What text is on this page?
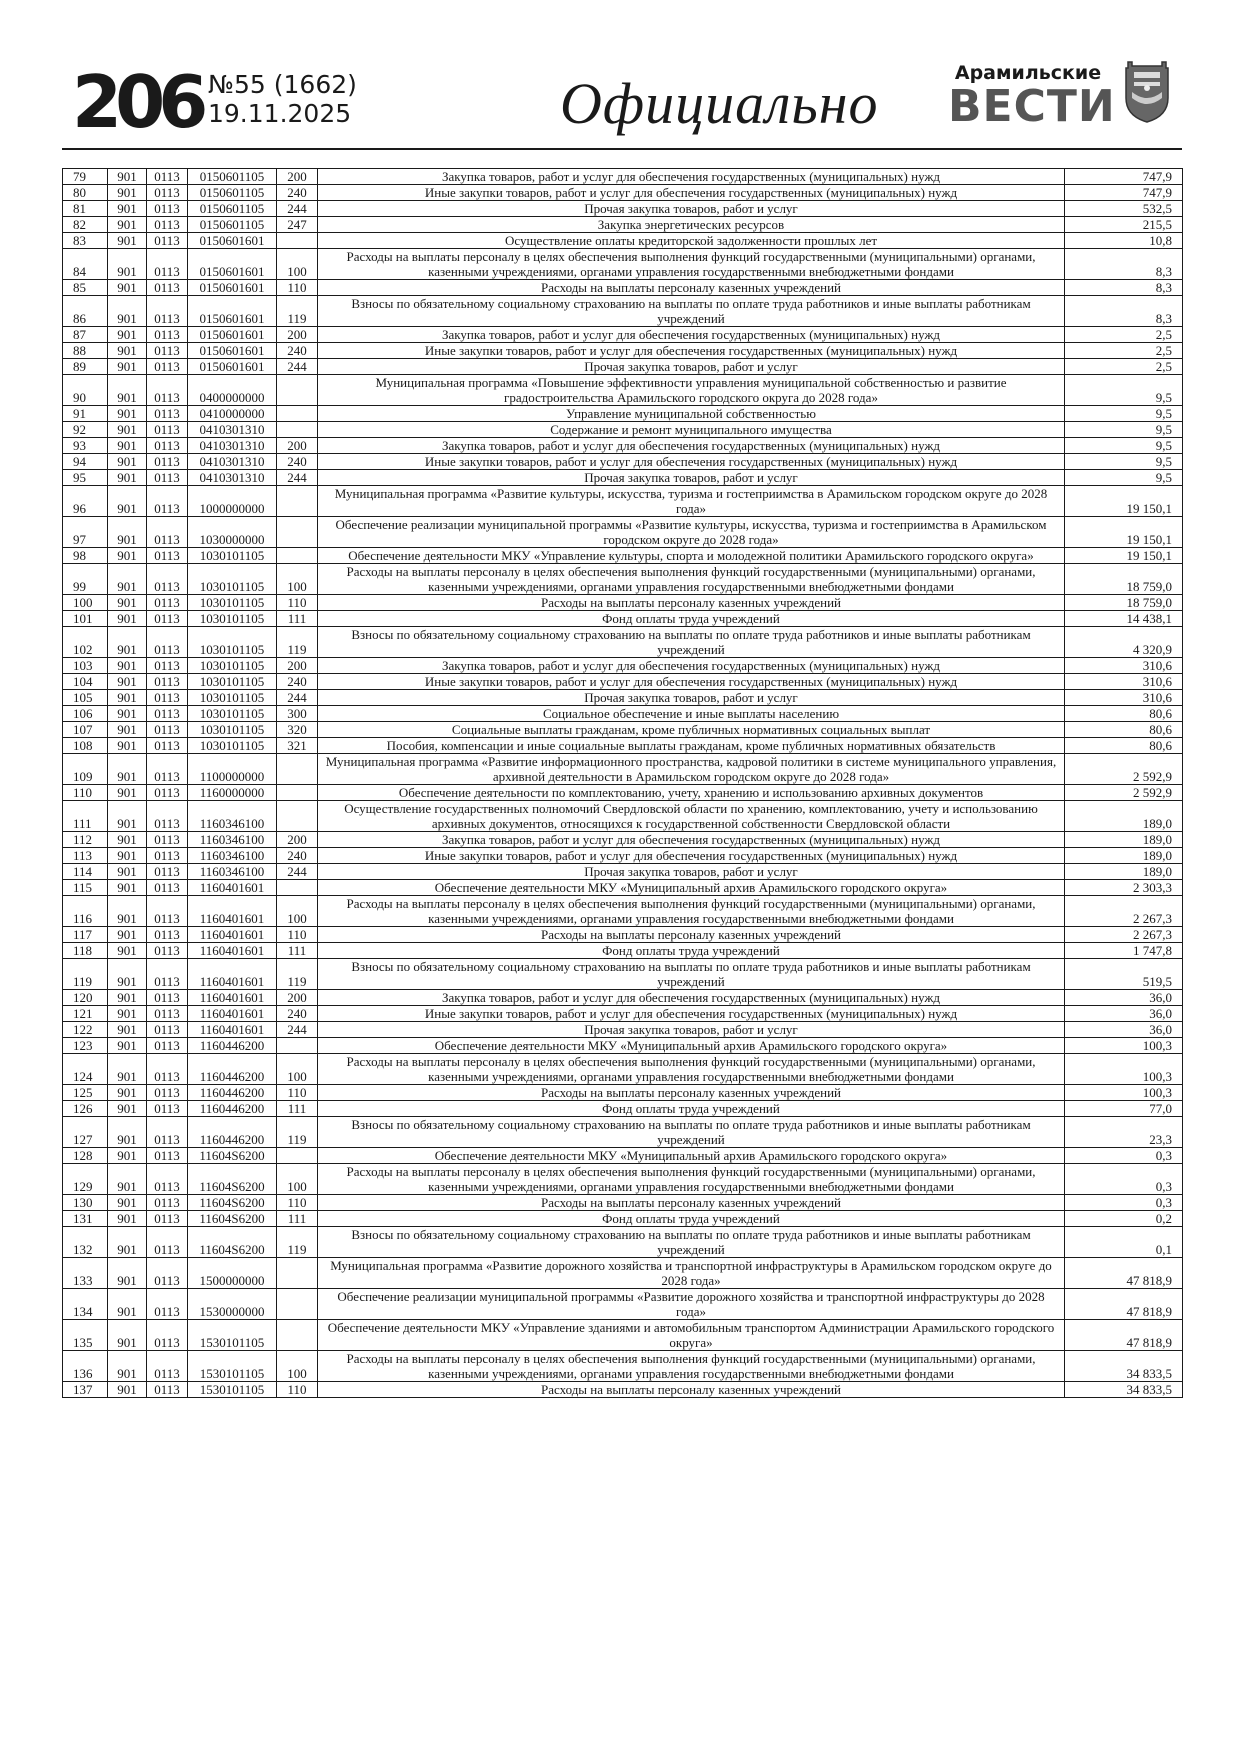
206 №55 (1662)
19.11.2025	Официально	Арамильские
ВЕСТИ
79	901	0113	0150601105	200	Закупка товаров, работ и услуг для обеспечения государственных (муниципальных) нужд	747,9
80	901	0113	0150601105	240	Иные закупки товаров, работ и услуг для обеспечения государственных (муниципальных) нужд	747,9
81	901	0113	0150601105	244	Прочая закупка товаров, работ и услуг	532,5
82	901	0113	0150601105	247	Закупка энергетических ресурсов	215,5
83	901	0113	0150601601		Осуществление оплаты кредиторской задолженности прошлых лет	10,8
84	901	0113	0150601601	100	Расходы на выплаты персоналу в целях обеспечения выполнения функций государственными (муниципальными) органами, казенными учреждениями, органами управления государственными внебюджетными фондами	8,3
85	901	0113	0150601601	110	Расходы на выплаты персоналу казенных учреждений	8,3
86	901	0113	0150601601	119	Взносы по обязательному социальному страхованию на выплаты по оплате труда работников и иные выплаты работникам учреждений	8,3
87	901	0113	0150601601	200	Закупка товаров, работ и услуг для обеспечения государственных (муниципальных) нужд	2,5
88	901	0113	0150601601	240	Иные закупки товаров, работ и услуг для обеспечения государственных (муниципальных) нужд	2,5
89	901	0113	0150601601	244	Прочая закупка товаров, работ и услуг	2,5
90	901	0113	0400000000		Муниципальная программа «Повышение эффективности управления муниципальной собственностью и развитие градостроительства Арамильского городского округа до 2028 года»	9,5
91	901	0113	0410000000		Управление муниципальной собственностью	9,5
92	901	0113	0410301310		Содержание и ремонт муниципального имущества	9,5
93	901	0113	0410301310	200	Закупка товаров, работ и услуг для обеспечения государственных (муниципальных) нужд	9,5
94	901	0113	0410301310	240	Иные закупки товаров, работ и услуг для обеспечения государственных (муниципальных) нужд	9,5
95	901	0113	0410301310	244	Прочая закупка товаров, работ и услуг	9,5
96	901	0113	1000000000		Муниципальная программа «Развитие культуры, искусства, туризма и гостеприимства в Арамильском городском округе до 2028 года»	19 150,1
97	901	0113	1030000000		Обеспечение реализации муниципальной программы «Развитие культуры, искусства, туризма и гостеприимства в Арамильском городском округе до 2028 года»	19 150,1
98	901	0113	1030101105		Обеспечение деятельности МКУ «Управление культуры, спорта и молодежной политики Арамильского городского округа»	19 150,1
99	901	0113	1030101105	100	Расходы на выплаты персоналу в целях обеспечения выполнения функций государственными (муниципальными) органами, казенными учреждениями, органами управления государственными внебюджетными фондами	18 759,0
100	901	0113	1030101105	110	Расходы на выплаты персоналу казенных учреждений	18 759,0
101	901	0113	1030101105	111	Фонд оплаты труда учреждений	14 438,1
102	901	0113	1030101105	119	Взносы по обязательному социальному страхованию на выплаты по оплате труда работников и иные выплаты работникам учреждений	4 320,9
103	901	0113	1030101105	200	Закупка товаров, работ и услуг для обеспечения государственных (муниципальных) нужд	310,6
104	901	0113	1030101105	240	Иные закупки товаров, работ и услуг для обеспечения государственных (муниципальных) нужд	310,6
105	901	0113	1030101105	244	Прочая закупка товаров, работ и услуг	310,6
106	901	0113	1030101105	300	Социальное обеспечение и иные выплаты населению	80,6
107	901	0113	1030101105	320	Социальные выплаты гражданам, кроме публичных нормативных социальных выплат	80,6
108	901	0113	1030101105	321	Пособия, компенсации и иные социальные выплаты гражданам, кроме публичных нормативных обязательств	80,6
109	901	0113	1100000000		Муниципальная программа «Развитие информационного пространства, кадровой политики в системе муниципального управления, архивной деятельности в Арамильском городском округе до 2028 года»	2 592,9
110	901	0113	1160000000		Обеспечение деятельности по комплектованию, учету, хранению и использованию архивных документов	2 592,9
111	901	0113	1160346100		Осуществление государственных полномочий Свердловской области по хранению, комплектованию, учету и использованию архивных документов, относящихся к государственной собственности Свердловской области	189,0
112	901	0113	1160346100	200	Закупка товаров, работ и услуг для обеспечения государственных (муниципальных) нужд	189,0
113	901	0113	1160346100	240	Иные закупки товаров, работ и услуг для обеспечения государственных (муниципальных) нужд	189,0
114	901	0113	1160346100	244	Прочая закупка товаров, работ и услуг	189,0
115	901	0113	1160401601		Обеспечение деятельности МКУ «Муниципальный архив Арамильского городского округа»	2 303,3
116	901	0113	1160401601	100	Расходы на выплаты персоналу в целях обеспечения выполнения функций государственными (муниципальными) органами, казенными учреждениями, органами управления государственными внебюджетными фондами	2 267,3
117	901	0113	1160401601	110	Расходы на выплаты персоналу казенных учреждений	2 267,3
118	901	0113	1160401601	111	Фонд оплаты труда учреждений	1 747,8
119	901	0113	1160401601	119	Взносы по обязательному социальному страхованию на выплаты по оплате труда работников и иные выплаты работникам учреждений	519,5
120	901	0113	1160401601	200	Закупка товаров, работ и услуг для обеспечения государственных (муниципальных) нужд	36,0
121	901	0113	1160401601	240	Иные закупки товаров, работ и услуг для обеспечения государственных (муниципальных) нужд	36,0
122	901	0113	1160401601	244	Прочая закупка товаров, работ и услуг	36,0
123	901	0113	1160446200		Обеспечение деятельности МКУ «Муниципальный архив Арамильского городского округа»	100,3
124	901	0113	1160446200	100	Расходы на выплаты персоналу в целях обеспечения выполнения функций государственными (муниципальными) органами, казенными учреждениями, органами управления государственными внебюджетными фондами	100,3
125	901	0113	1160446200	110	Расходы на выплаты персоналу казенных учреждений	100,3
126	901	0113	1160446200	111	Фонд оплаты труда учреждений	77,0
127	901	0113	1160446200	119	Взносы по обязательному социальному страхованию на выплаты по оплате труда работников и иные выплаты работникам учреждений	23,3
128	901	0113	11604S6200		Обеспечение деятельности МКУ «Муниципальный архив Арамильского городского округа»	0,3
129	901	0113	11604S6200	100	Расходы на выплаты персоналу в целях обеспечения выполнения функций государственными (муниципальными) органами, казенными учреждениями, органами управления государственными внебюджетными фондами	0,3
130	901	0113	11604S6200	110	Расходы на выплаты персоналу казенных учреждений	0,3
131	901	0113	11604S6200	111	Фонд оплаты труда учреждений	0,2
132	901	0113	11604S6200	119	Взносы по обязательному социальному страхованию на выплаты по оплате труда работников и иные выплаты работникам учреждений	0,1
133	901	0113	1500000000		Муниципальная программа «Развитие дорожного хозяйства и транспортной инфраструктуры в Арамильском городском округе до 2028 года»	47 818,9
134	901	0113	1530000000		Обеспечение реализации муниципальной программы «Развитие дорожного хозяйства и транспортной инфраструктуры до 2028 года»	47 818,9
135	901	0113	1530101105		Обеспечение деятельности МКУ «Управление зданиями и автомобильным транспортом Администрации Арамильского городского округа»	47 818,9
136	901	0113	1530101105	100	Расходы на выплаты персоналу в целях обеспечения выполнения функций государственными (муниципальными) органами, казенными учреждениями, органами управления государственными внебюджетными фондами	34 833,5
137	901	0113	1530101105	110	Расходы на выплаты персоналу казенных учреждений	34 833,5
